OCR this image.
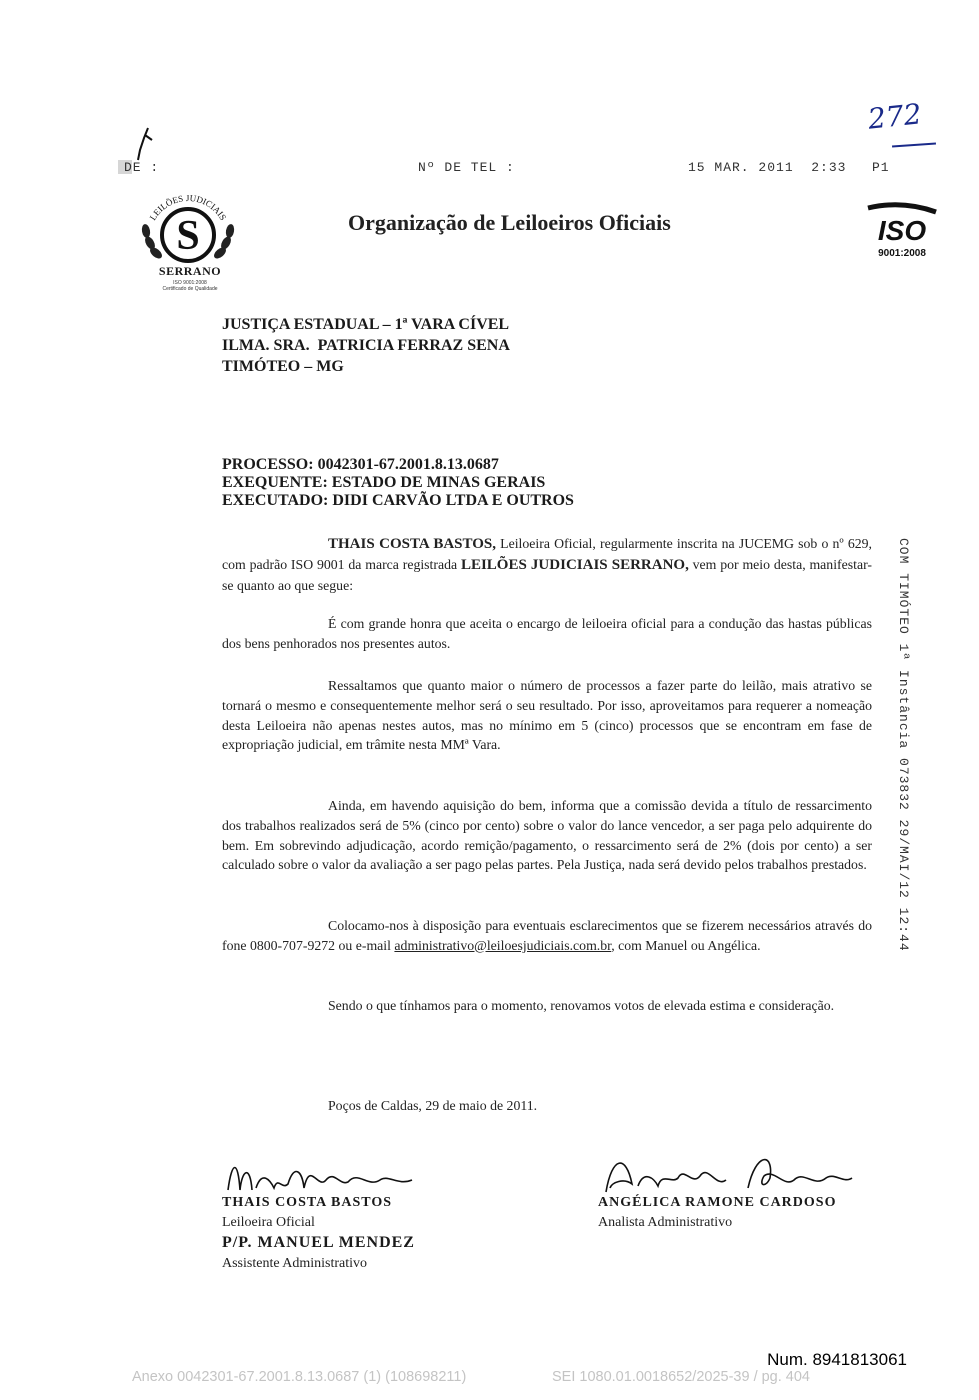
DE :	Nº DE TEL :	15 MAR. 2011  2:33 P1
272
S
LEILÕES JUDICIAIS
SERRANO
ISO 9001:2008
Certificado de Qualidade
Organização de Leiloeiros Oficiais	ISO
9001:2008
JUSTIÇA ESTADUAL – 1ª VARA CÍVEL
ILMA. SRA.  PATRICIA FERRAZ SENA
TIMÓTEO – MG
PROCESSO: 0042301-67.2001.8.13.0687
EXEQUENTE: ESTADO DE MINAS GERAIS
EXECUTADO: DIDI CARVÃO LTDA E OUTROS
THAIS COSTA BASTOS, Leiloeira Oficial, regularmente inscrita na JUCEMG sob o nº 629, com padrão ISO 9001 da marca registrada LEILÕES JUDICIAIS SERRANO, vem por meio desta, manifestar-se quanto ao que segue:
É com grande honra que aceita o encargo de leiloeira oficial para a condução das hastas públicas dos bens penhorados nos presentes autos.
Ressaltamos que quanto maior o número de processos a fazer parte do leilão, mais atrativo se tornará o mesmo e consequentemente melhor será o seu resultado. Por isso, aproveitamos para requerer a nomeação desta Leiloeira não apenas nestes autos, mas no mínimo em 5 (cinco) processos que se encontram em fase de expropriação judicial, em trâmite nesta MMª Vara.
Ainda, em havendo aquisição do bem, informa que a comissão devida a título de ressarcimento dos trabalhos realizados será de 5% (cinco por cento) sobre o valor do lance vencedor, a ser paga pelo adquirente do bem. Em sobrevindo adjudicação, acordo remição/pagamento, o ressarcimento será de 2% (dois por cento) a ser calculado sobre o valor da avaliação a ser pago pelas partes. Pela Justiça, nada será devido pelos trabalhos prestados.
Colocamo-nos à disposição para eventuais esclarecimentos que se fizerem necessários através do fone 0800-707-9272 ou e-mail administrativo@leiloesjudiciais.com.br, com Manuel ou Angélica.
Sendo o que tínhamos para o momento, renovamos votos de elevada estima e consideração.
Poços de Caldas, 29 de maio de 2011.
COM TIMÓTEO 1ª Instância 073832 29/MAI/12 12:44
THAIS COSTA BASTOS
Leiloeira Oficial
P/P. MANUEL MENDEZ
Assistente Administrativo
ANGÉLICA RAMONE CARDOSO
Analista Administrativo
Num. 8941813061
Anexo 0042301-67.2001.8.13.0687 (1) (108698211)	SEI 1080.01.0018652/2025-39 / pg. 404
